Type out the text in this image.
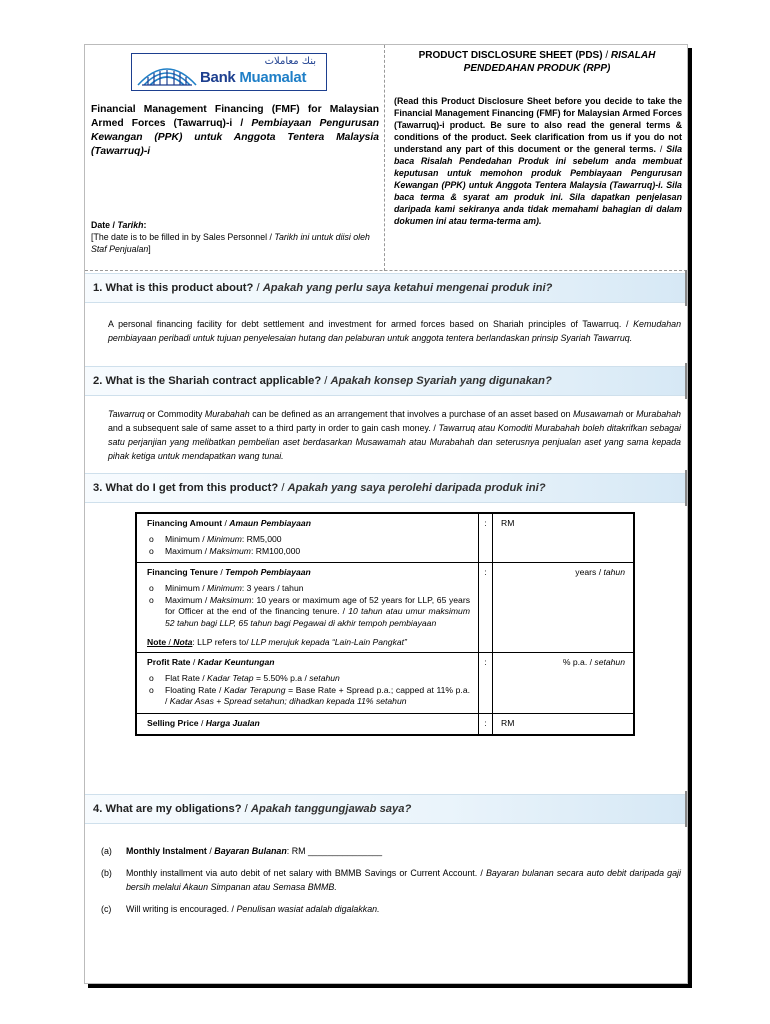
بنك معاملات
Bank Muamalat
Financial Management Financing (FMF) for Malaysian Armed Forces (Tawarruq)-i / Pembiayaan Pengurusan Kewangan (PPK) untuk Anggota Tentera Malaysia (Tawarruq)-i
Date / Tarikh:
[The date is to be filled in by Sales Personnel / Tarikh ini untuk diisi oleh Staf Penjualan]
PRODUCT DISCLOSURE SHEET (PDS) / RISALAH PENDEDAHAN PRODUK (RPP)
(Read this Product Disclosure Sheet before you decide to take the Financial Management Financing (FMF) for Malaysian Armed Forces (Tawarruq)-i product. Be sure to also read the general terms & conditions of the product. Seek clarification from us if you do not understand any part of this document or the general terms. / Sila baca Risalah Pendedahan Produk ini sebelum anda membuat keputusan untuk memohon produk Pembiayaan Pengurusan Kewangan (PPK) untuk Anggota Tentera Malaysia (Tawarruq)-i. Sila baca terma & syarat am produk ini. Sila dapatkan penjelasan daripada kami sekiranya anda tidak memahami bahagian di dalam dokumen ini atau terma-terma am).
1. What is this product about? / Apakah yang perlu saya ketahui mengenai produk ini?
A personal financing facility for debt settlement and investment for armed forces based on Shariah principles of Tawarruq. / Kemudahan pembiayaan peribadi untuk tujuan penyelesaian hutang dan pelaburan untuk anggota tentera berlandaskan prinsip Syariah Tawarruq.
2. What is the Shariah contract applicable? / Apakah konsep Syariah yang digunakan?
Tawarruq or Commodity Murabahah can be defined as an arrangement that involves a purchase of an asset based on Musawamah or Murabahah and a subsequent sale of same asset to a third party in order to gain cash money. / Tawarruq atau Komoditi Murabahah boleh ditakrifkan sebagai satu perjanjian yang melibatkan pembelian aset berdasarkan Musawamah atau Murabahah dan seterusnya penjualan aset yang sama kepada pihak ketiga untuk mendapatkan wang tunai.
3. What do I get from this product? / Apakah yang saya perolehi daripada produk ini?
Financing Amount / Amaun Pembiayaan
o Minimum / Minimum: RM5,000
o Maximum / Maksimum: RM100,000
:	RM
Financing Tenure / Tempoh Pembiayaan
o Minimum / Minimum: 3 years / tahun
o Maximum / Maksimum: 10 years or maximum age of 52 years for LLP, 65 years for Officer at the end of the financing tenure. / 10 tahun atau umur maksimum 52 tahun bagi LLP, 65 tahun bagi Pegawai di akhir tempoh pembiayaan
Note / Nota: LLP refers to/ LLP merujuk kepada “Lain-Lain Pangkat”
:	years / tahun
Profit Rate / Kadar Keuntungan
o Flat Rate / Kadar Tetap = 5.50% p.a / setahun
o Floating Rate / Kadar Terapung = Base Rate + Spread p.a.; capped at 11% p.a. / Kadar Asas + Spread setahun; dihadkan kepada 11% setahun
:	% p.a. / setahun
Selling Price / Harga Jualan	:	RM
4. What are my obligations? / Apakah tanggungjawab saya?
(a) Monthly Instalment / Bayaran Bulanan: RM _______________
(b) Monthly installment via auto debit of net salary with BMMB Savings or Current Account. / Bayaran bulanan secara auto debit daripada gaji bersih melalui Akaun Simpanan atau Semasa BMMB.
(c) Will writing is encouraged. / Penulisan wasiat adalah digalakkan.
